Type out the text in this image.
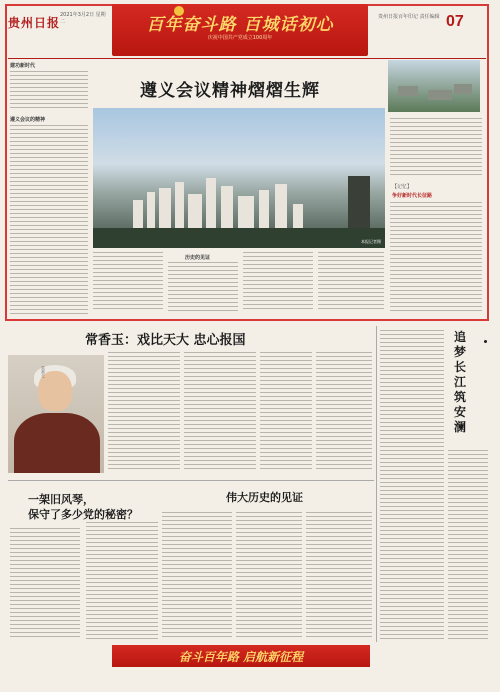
贵州日报
2021年3月2日 星期二	百年奋斗路 百城话初心
庆祝中国共产党成立100周年
贵州日报百年印记 责任编辑 07
建功新时代
遵义会议的精神
遵义会议精神熠熠生辉
本报记者摄
【记忆】
争好新时代长征路
历史的见证
常香玉：戏比天大 忠心报国
常香玉
追梦长江筑安澜
一架旧风琴，
保守了多少党的秘密？
伟大历史的见证
奋斗百年路 启航新征程
